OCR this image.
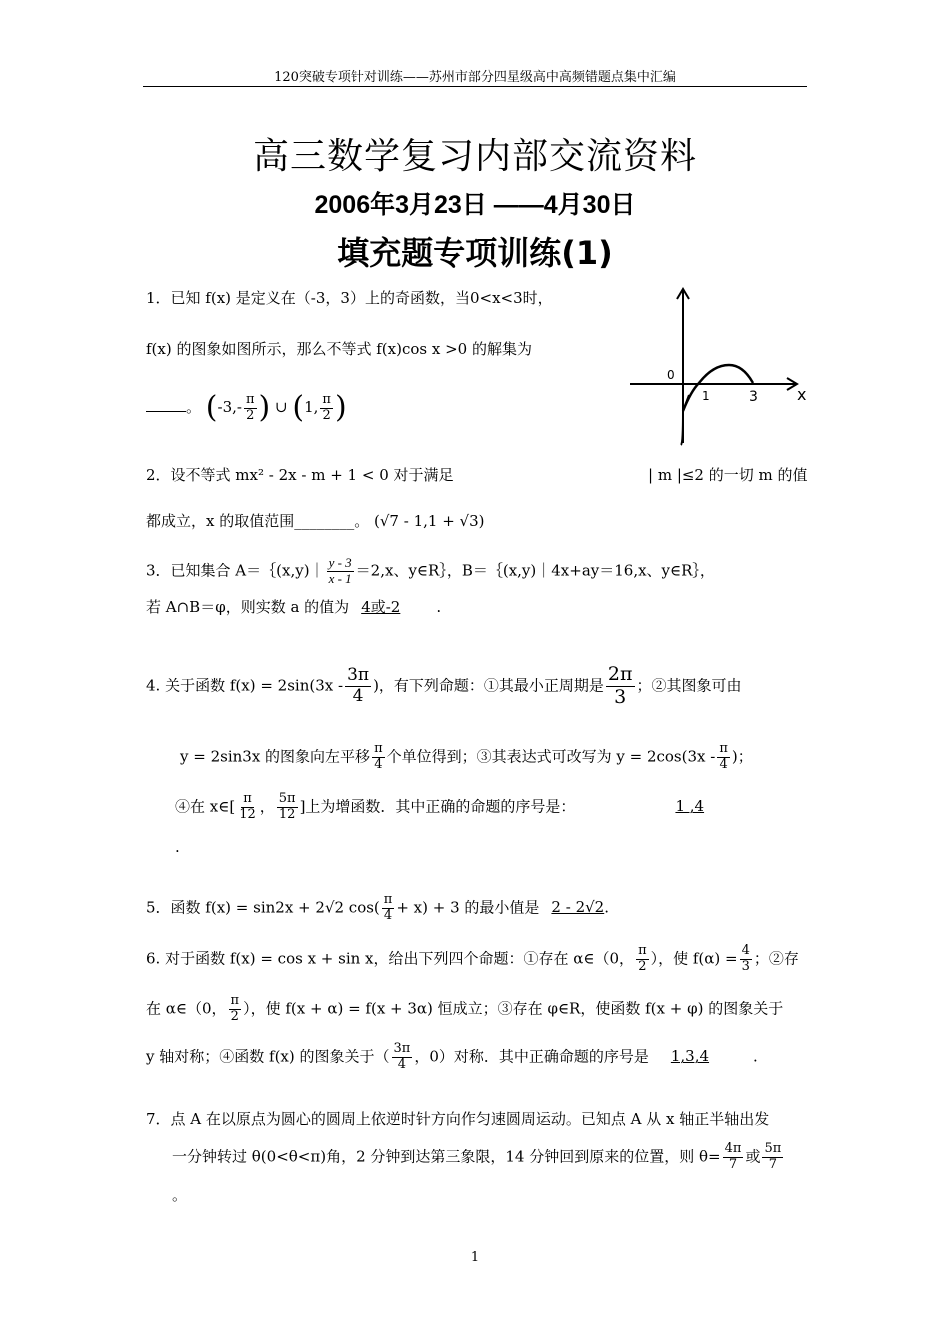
120突破专项针对训练——苏州市部分四星级高中高频错题点集中汇编
高三数学复习内部交流资料
2006年3月23日 ——4月30日
填充题专项训练(1)
1．已知 f(x) 是定义在（-3，3）上的奇函数，当0<x<3时，
f(x) 的图象如图所示，那么不等式 f(x)cos x >0 的解集为
。 ($-3,- \frac{\pi}{2}$ ) ∪ (1, $\frac{\pi}{2}$ )
0
1	3 x
2．设不等式 mx² - 2x - m + 1 < 0 对于满足	| m |≤2 的一切 m 的值
都成立，x 的取值范围________。 (√7 - 1,1 + √3)
3．已知集合 A＝｛(x,y)｜ $\frac{y - 3}{x - 1} =2,x$、y∈R｝，B＝｛(x,y)｜4x+ay＝16,x、y∈R｝，
若 A∩B＝φ，则实数 a 的值为 4或-2 .
4. 关于函数 $f(x) = 2\sin(3x - \frac{3\pi}{4}$ )，有下列命题：①其最小正周期是 $\frac{2\pi}{3}$ ；②其图象可由
y = 2sin3x 的图象向左平移 $\frac{\pi}{4}$ 个单位得到；③其表达式可改写为 $y = 2\cos(3x - \frac{\pi}{4}$ )；
④在 x∈[ $\frac{\pi}{12}$ ， $\frac{5\pi}{12}$ ]上为增函数．其中正确的命题的序号是：	1 ,4
.
5．函数 f(x) = sin2x + 2√2 $\cos( \frac{\pi}{4} + x) + 3$ 的最小值是 2 - 2√2.
6. 对于函数 f(x) = cos x + sin x，给出下列四个命题：①存在 α∈（0， $\frac{\pi}{2}$ ），使 $f(\alpha) = \frac{4}{3}$ ；②存
在 α∈（0， $\frac{\pi}{2}$ ），使 f(x + α) = f(x + 3α) 恒成立；③存在 φ∈R，使函数 f(x + φ) 的图象关于
y 轴对称；④函数 f(x) 的图象关于（ $\frac{3\pi}{4}$ ，0）对称．其中正确命题的序号是 1,3,4	.
7．点 A 在以原点为圆心的圆周上依逆时针方向作匀速圆周运动。已知点 A 从 x 轴正半轴出发
一分钟转过 θ(0<θ<π)角，2 分钟到达第三象限，14 分钟回到原来的位置，则 $\theta= \frac{4\pi}{7}$ 或 $\frac{5\pi}{7}$
。
1
